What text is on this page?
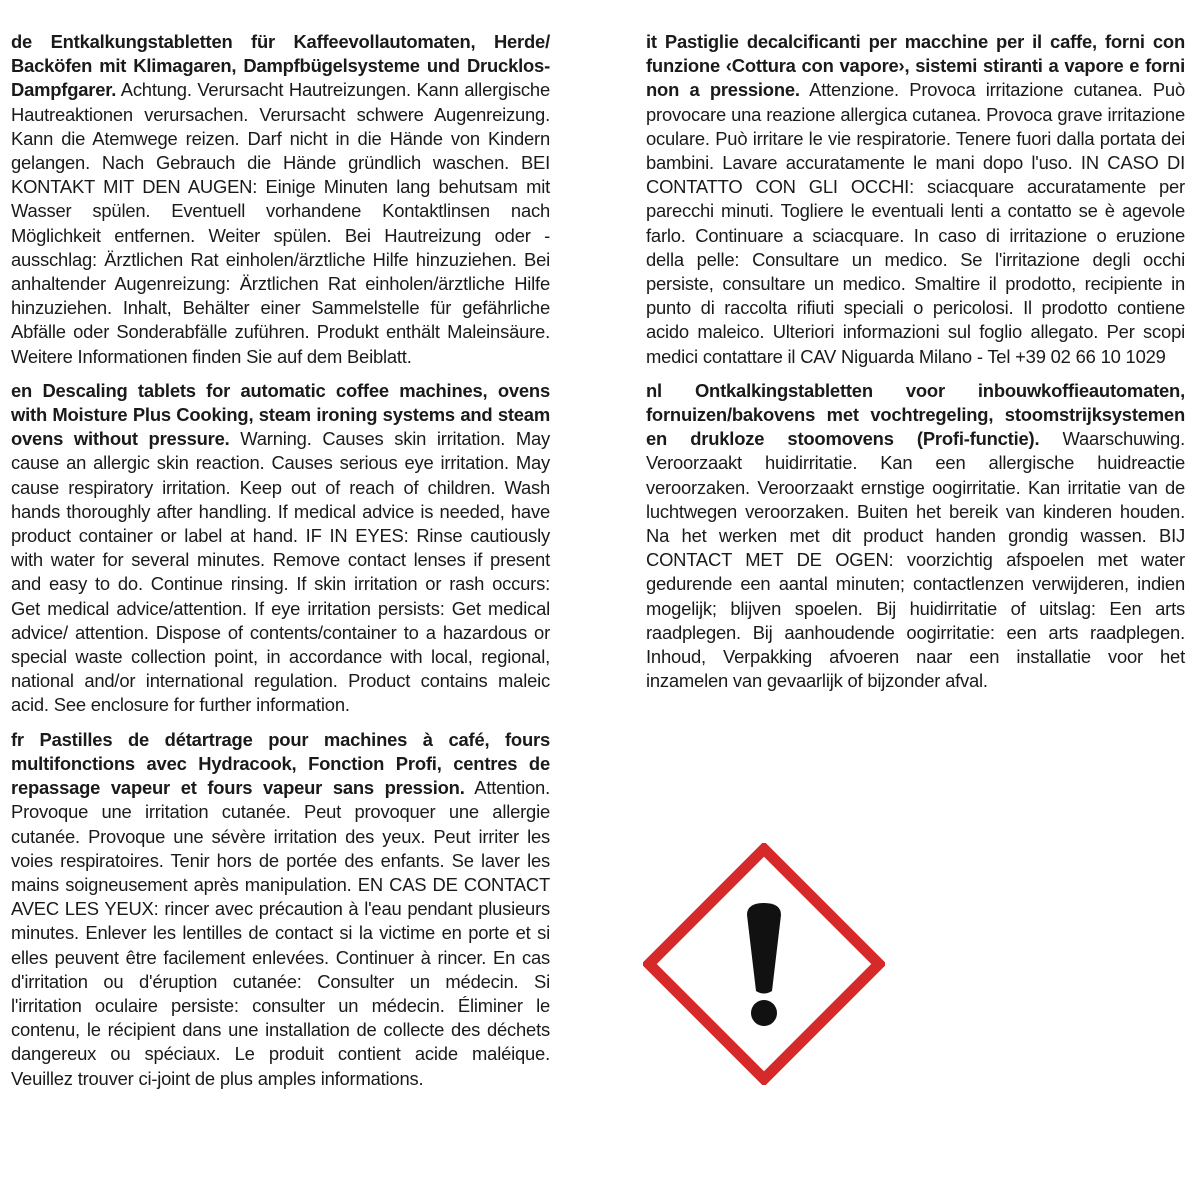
de Entkalkungstabletten für Kaffeevollautomaten, Herde/ Backöfen mit Klimagaren, Dampfbügelsysteme und Drucklos-Dampfgarer. Achtung. Verursacht Hautreizungen. Kann allergische Hautreaktionen verursachen. Verursacht schwere Augenreizung. Kann die Atemwege reizen. Darf nicht in die Hände von Kindern gelangen. Nach Gebrauch die Hände gründlich waschen. BEI KONTAKT MIT DEN AUGEN: Einige Minuten lang behutsam mit Wasser spülen. Eventuell vorhandene Kontaktlinsen nach Möglichkeit entfernen. Weiter spülen. Bei Hautreizung oder -ausschlag: Ärztlichen Rat einholen/ärztliche Hilfe hinzuziehen. Bei anhaltender Augenreizung: Ärztlichen Rat einholen/ärztliche Hilfe hinzuziehen. Inhalt, Behälter einer Sammelstelle für gefährliche Abfälle oder Sonderabfälle zuführen. Produkt enthält Maleinsäure. Weitere Informationen finden Sie auf dem Beiblatt.
en Descaling tablets for automatic coffee machines, ovens with Moisture Plus Cooking, steam ironing systems and steam ovens without pressure. Warning. Causes skin irritation. May cause an allergic skin reaction. Causes serious eye irritation. May cause respiratory irritation. Keep out of reach of children. Wash hands thoroughly after handling. If medical advice is needed, have product container or label at hand. IF IN EYES: Rinse cautiously with water for several minutes. Remove contact lenses if present and easy to do. Continue rinsing. If skin irritation or rash occurs: Get medical advice/attention. If eye irritation persists: Get medical advice/ attention. Dispose of contents/container to a hazardous or special waste collection point, in accordance with local, regional, national and/or international regulation. Product contains maleic acid. See enclosure for further information.
fr Pastilles de détartrage pour machines à café, fours multifonctions avec Hydracook, Fonction Profi, centres de repassage vapeur et fours vapeur sans pression. Attention. Provoque une irritation cutanée. Peut provoquer une allergie cutanée. Provoque une sévère irritation des yeux. Peut irriter les voies respiratoires. Tenir hors de portée des enfants. Se laver les mains soigneusement après manipulation. EN CAS DE CONTACT AVEC LES YEUX: rincer avec précaution à l'eau pendant plusieurs minutes. Enlever les lentilles de contact si la victime en porte et si elles peuvent être facilement enlevées. Continuer à rincer. En cas d'irritation ou d'éruption cutanée: Consulter un médecin. Si l'irritation oculaire persiste: consulter un médecin. Éliminer le contenu, le récipient dans une installation de collecte des déchets dangereux ou spéciaux. Le produit contient acide maléique. Veuillez trouver ci-joint de plus amples informations.
it Pastiglie decalcificanti per macchine per il caffe, forni con funzione ‹Cottura con vapore›, sistemi stiranti a vapore e forni non a pressione. Attenzione. Provoca irritazione cutanea. Può provocare una reazione allergica cutanea. Provoca grave irritazione oculare. Può irritare le vie respiratorie. Tenere fuori dalla portata dei bambini. Lavare accuratamente le mani dopo l'uso. IN CASO DI CONTATTO CON GLI OCCHI: sciacquare accuratamente per parecchi minuti. Togliere le eventuali lenti a contatto se è agevole farlo. Continuare a sciacquare. In caso di irritazione o eruzione della pelle: Consultare un medico. Se l'irritazione degli occhi persiste, consultare un medico. Smaltire il prodotto, recipiente in punto di raccolta rifiuti speciali o pericolosi. Il prodotto contiene acido maleico. Ulteriori informazioni sul foglio allegato. Per scopi medici contattare il CAV Niguarda Milano - Tel +39 02 66 10 1029
nl Ontkalkingstabletten voor inbouwkoffieautomaten, fornuizen/bakovens met vochtregeling, stoomstrijksystemen en drukloze stoomovens (Profi-functie). Waarschuwing. Veroorzaakt huidirritatie. Kan een allergische huidreactie veroorzaken. Veroorzaakt ernstige oogirritatie. Kan irritatie van de luchtwegen veroorzaken. Buiten het bereik van kinderen houden. Na het werken met dit product handen grondig wassen. BIJ CONTACT MET DE OGEN: voorzichtig afspoelen met water gedurende een aantal minuten; contactlenzen verwijderen, indien mogelijk; blijven spoelen. Bij huidirritatie of uitslag: Een arts raadplegen. Bij aanhoudende oogirritatie: een arts raadplegen. Inhoud, Verpakking afvoeren naar een installatie voor het inzamelen van gevaarlijk of bijzonder afval.
